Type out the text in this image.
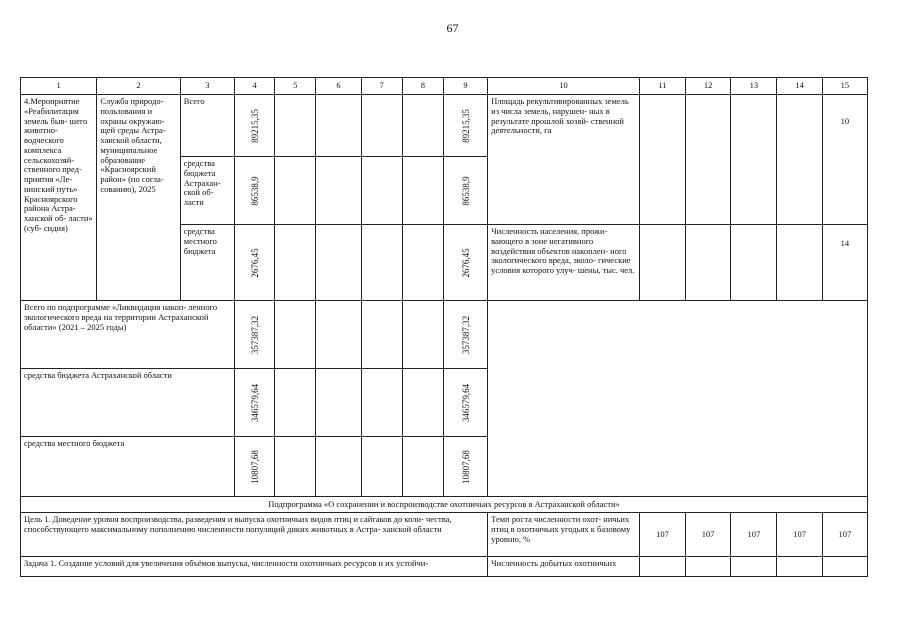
67
1	2	3	4	5	6	7	8	9	10	11	12	13	14	15
4.Мероприятие «Реабилитация земель быв- шего животно- водческого комплекса сельскохозяй- ственного пред- приятия «Ле- нинский путь» Красноярского района Астра- ханской об- ласти» (суб- сидия)	Служба природо- пользования и охраны окружаю- щей среды Астра- ханской области, муниципальное образование «Красноярский район» (по согла- сованию), 2025	Всего	89215,35					89215,35	Площадь рекультивированных земель из числа земель, нарушен- ных в результате прошлой хозяй- ственной деятельности, га					10
		средства бюджета Астрахан- ской об- ласти	86538,9					86538,9						

		средства местного бюджета	2676,45					2676,45	Численность населения, прожи- вающего в зоне негативного воздействия объектов накоплен- ного экологического вреда, эколо- гические условия которого улуч- шены, тыс. чел.					14
Всего по подпрограмме «Ликвидация накоп- ленного экологического вреда на территории Астраханской области» (2021 – 2025 годы)			357387,32					357387,32						

средства бюджета Астраханской области			346579,64					346579,64						

средства местного бюджета			10807,68					10807,68						

Подпрограмма «О сохранении и воспроизводстве охотничьих ресурсов в Астраханской области»														
Цель 1. Доведение уровня воспроизводства, разведения и выпуска охотничьих видов птиц и сайгаков до коли- чества, способствующего максимальному пополнению численности популяций диких животных в Астра- ханской области									Темп роста численности охот- ничьих птиц в охотничьих угодьях к базовому уровню, %	107	107	107	107	107
Задача 1. Создание условий для увеличения объёмов выпуска, численности охотничьих ресурсов и их устойчи-									Численность добытых охотничьих					
